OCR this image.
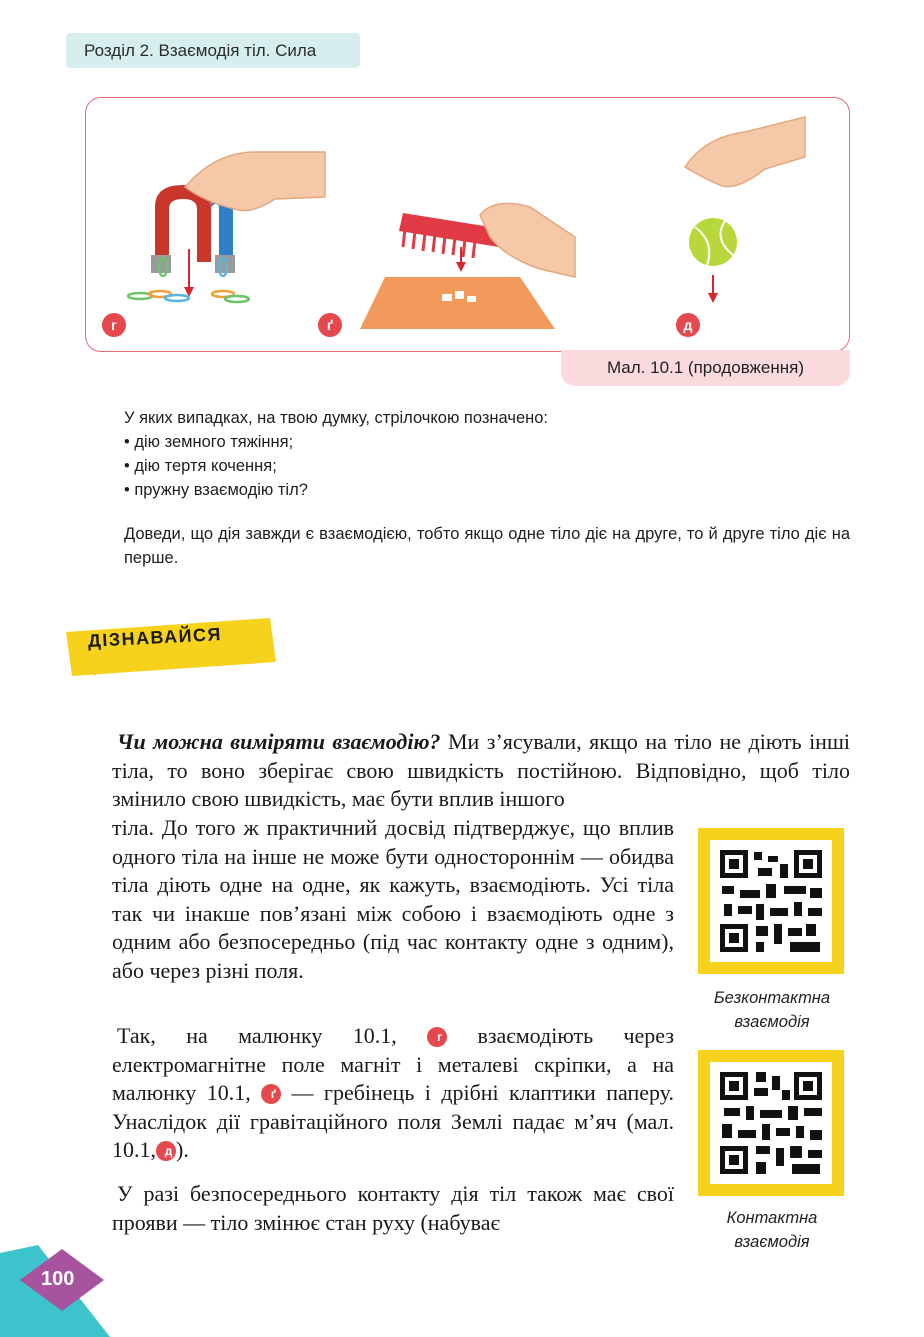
Розділ 2. Взаємодія тіл. Сила
г	ґ	д
Мал. 10.1 (продовження)
У яких випадках, на твою думку, стрілочкою позначено:
• дію земного тяжіння;
• дію тертя кочення;
• пружну взаємодію тіл?
Доведи, що дія завжди є взаємодією, тобто якщо одне тіло діє на друге, то й друге тіло діє на перше.
ДІЗНАВАЙСЯ
Чи можна виміряти взаємодію? Ми з’ясували, якщо на тіло не діють інші тіла, то воно зберігає свою швидкість постійною. Відповідно, щоб тіло змінило свою швидкість, має бути вплив іншого
тіла. До того ж практичний досвід підтверджує, що вплив одного тіла на інше не може бути одностороннім — обидва тіла діють одне на одне, як кажуть, взаємодіють. Усі тіла так чи інакше пов’язані між собою і взаємодіють одне з одним або безпосередньо (під час контакту одне з одним), або через різні поля.
Так, на малюнку 10.1,	г взаємодіють через електромагнітне поле магніт і металеві скріпки, а на малюнку 10.1, ґ — гребінець і дрібні клаптики паперу. Унаслідок дії гравітаційного поля Землі падає м’яч (мал. 10.1, д ).
У разі безпосереднього контакту дія тіл також має свої прояви — тіло змінює стан руху (набуває
Безконтактна взаємодія
Контактна взаємодія
100
